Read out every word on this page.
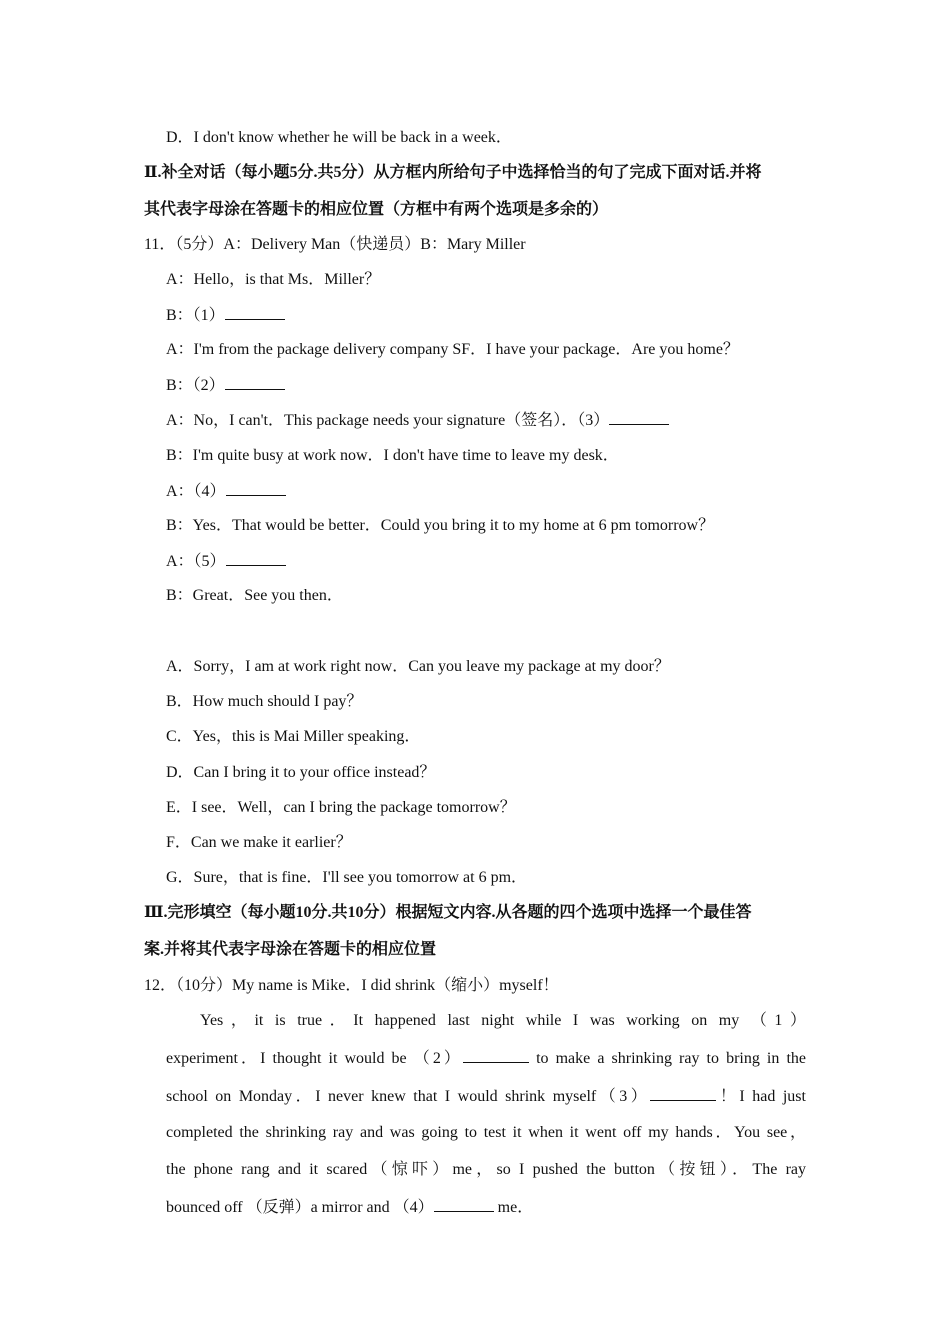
D．I don't know whether he will be back in a week．
Ⅱ.补全对话（每小题5分.共5分）从方框内所给句子中选择恰当的句了完成下面对话.并将
其代表字母涂在答题卡的相应位置（方框中有两个选项是多余的）
11．（5分）A：Delivery Man（快递员）B：Mary Miller
A：Hello，is that Ms．Miller？
B：（1）
A：I'm from the package delivery company SF．I have your package．Are you home？
B：（2）
A：No，I can't．This package needs your signature（签名）．（3）
B：I'm quite busy at work now．I don't have time to leave my desk．
A：（4）
B：Yes．That would be better．Could you bring it to my home at 6 pm tomorrow？
A：（5）
B：Great．See you then．
A．Sorry，I am at work right now．Can you leave my package at my door？
B．How much should I pay？
C．Yes，this is Mai Miller speaking．
D．Can I bring it to your office instead？
E．I see．Well，can I bring the package tomorrow？
F．Can we make it earlier？
G．Sure，that is fine．I'll see you tomorrow at 6 pm．
Ⅲ.完形填空（每小题10分.共10分）根据短文内容.从各题的四个选项中选择一个最佳答
案.并将其代表字母涂在答题卡的相应位置
12．（10分）My name is Mike．I did shrink（缩小）myself！
Yes，it is true．It happened last night while I was working on my （1）
experiment．I thought it would be （2）	to make a shrinking ray to bring in the
school on Monday．I never knew that I would shrink myself（3）	！I had just
completed the shrinking ray and was going to test it when it went off my hands．You see，
the phone rang and it scared（惊吓）me，so I pushed the button（按钮）．The ray
bounced off （反弹）a mirror and （4）	me．
